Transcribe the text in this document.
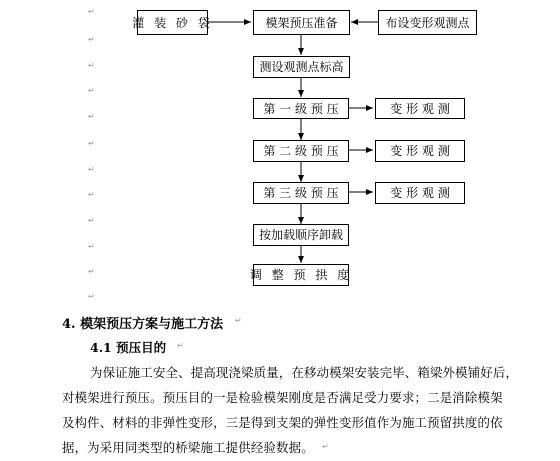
↵
↵
↵
↵
↵
↵
↵
↵
↵
↵
↵
↵
灌 装 砂 袋	模架预压准备	布设变形观测点
测设观测点标高
第 一 级 预 压	变 形 观 测
第 二 级 预 压	变 形 观 测
第 三 级 预 压	变 形 观 测
按加载顺序卸载
调 整 预 拱 度
4. 模架预压方案与施工方法 ↵
4.1 预压目的 ↵
为保证施工安全、提高现浇梁质量，在移动模架安装完毕、箱梁外模铺好后，
对模架进行预压。预压目的一是检验模架刚度是否满足受力要求；二是消除模架
及构件、材料的非弹性变形，三是得到支架的弹性变形值作为施工预留拱度的依
据，为采用同类型的桥梁施工提供经验数据。 ↵
